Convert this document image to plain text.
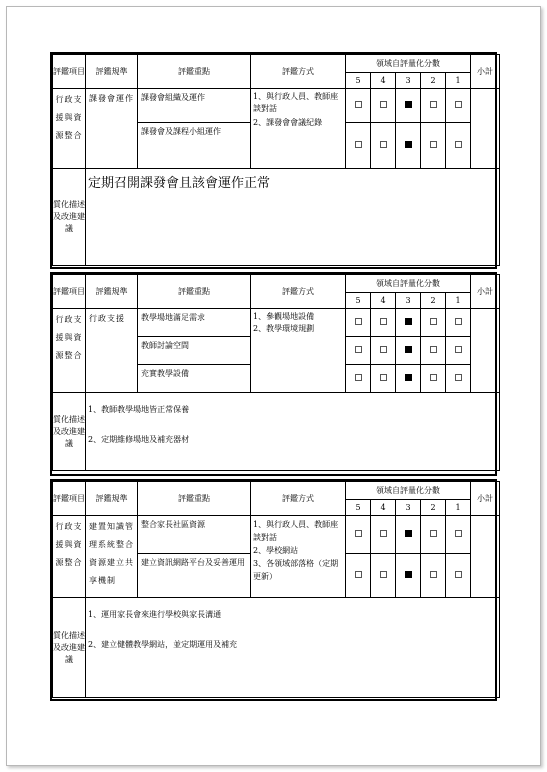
評鑑項目	評鑑規準	評鑑重點	評鑑方式	領域自評量化分數					小計
				5	4	3	2	1	
行政支援與資源整合	課發會運作	課發會組織及運作	1、與行政人員、教師座談對話
2、課發會會議紀錄						

		課發會及課程小組運作							
質化描述及改進建議	定期召開課發會且該會運作正常								
評鑑項目	評鑑規準	評鑑重點	評鑑方式	領域自評量化分數					小計
				5	4	3	2	1	
行政支援與資源整合	行政支援	教學場地滿足需求	1、參觀場地設備
2、教學環境規劃						

		教師討論空間							
		充實教學設備							
質化描述及改進建議	1、教師教學場地皆正常保養
2、定期維修場地及補充器材								
評鑑項目	評鑑規準	評鑑重點	評鑑方式	領域自評量化分數					小計
				5	4	3	2	1	
行政支援與資源整合	建置知識管理系統整合資源建立共享機制	整合家長社區資源	1、與行政人員、教師座談對話
2、學校網站
3、各領域部落格（定期更新）						

		建立資訊網路平台及妥善運用							
質化描述及改進建議	1、運用家長會來進行學校與家長溝通
2、建立健體教學網站，並定期運用及補充								
